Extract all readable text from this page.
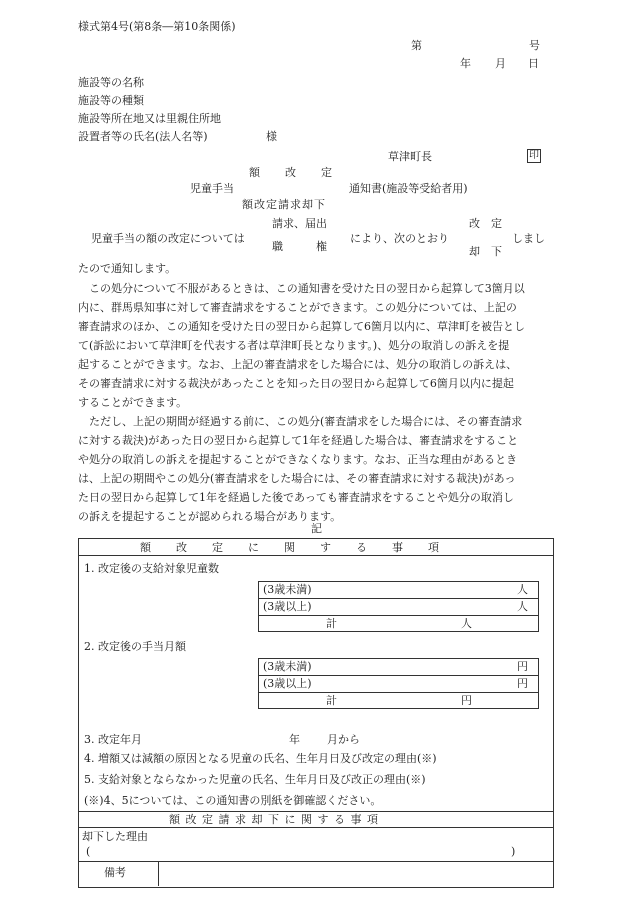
様式第4号(第8条―第10条関係)
第	号
年 月 日
施設等の名称
施設等の種類
施設等所在地又は里親住所地
設置者等の氏名(法人名等)	様
草津町長	印
額　　改　　定
児童手当	通知書(施設等受給者用)
額改定請求却下
請求、届出
職　　　権
児童手当の額の改定については	により、次のとおり
改　定
却　下
しまし
たので通知します。
この処分について不服があるときは、この通知書を受けた日の翌日から起算して3箇月以
内に、群馬県知事に対して審査請求をすることができます。この処分については、上記の
審査請求のほか、この通知を受けた日の翌日から起算して6箇月以内に、草津町を被告とし
て(訴訟において草津町を代表する者は草津町長となります。)、処分の取消しの訴えを提
起することができます。なお、上記の審査請求をした場合には、処分の取消しの訴えは、
その審査請求に対する裁決があったことを知った日の翌日から起算して6箇月以内に提起
することができます。
ただし、上記の期間が経過する前に、この処分(審査請求をした場合には、その審査請求
に対する裁決)があった日の翌日から起算して1年を経過した場合は、審査請求をすること
や処分の取消しの訴えを提起することができなくなります。なお、正当な理由があるとき
は、上記の期間やこの処分(審査請求をした場合には、その審査請求に対する裁決)があっ
た日の翌日から起算して1年を経過した後であっても審査請求をすることや処分の取消し
の訴えを提起することが認められる場合があります。
記
額　　改　　定　　に　　関　　す　　る　　事　　項
1. 改定後の支給対象児童数
(3歳未満)	人
(3歳以上)	人
計	人
2. 改定後の手当月額
(3歳未満)	円
(3歳以上)	円
計	円
3. 改定年月	年 月から
4. 増額又は減額の原因となる児童の氏名、生年月日及び改定の理由(※)
5. 支給対象とならなかった児童の氏名、生年月日及び改正の理由(※)
(※)4、5については、この通知書の別紙を御確認ください。
額 改 定 請 求 却 下 に 関 す る 事 項
却下した理由
(	)
備考
